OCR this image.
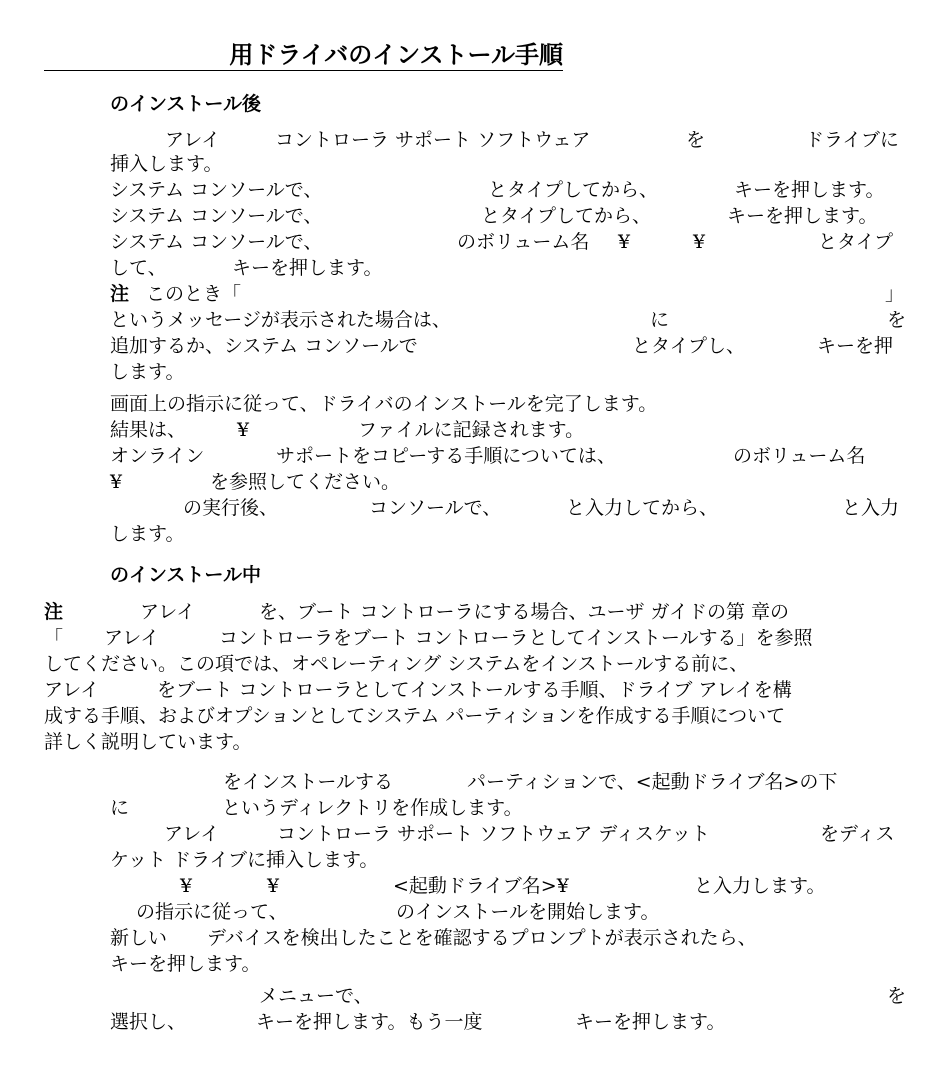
用ドライバのインストール手順
のインストール後
アレイ	コントローラ サポート ソフトウェア	を	ドライブに
挿入します。
システム コンソールで、	とタイプしてから、	キーを押します。
システム コンソールで、	とタイプしてから、	キーを押します。
システム コンソールで、	のボリューム名 ¥	¥	とタイプ
して、	キーを押します。
注 このとき「	」
というメッセージが表示された場合は、	に	を
追加するか、システム コンソールで	とタイプし、	キーを押
します。
画面上の指示に従って、ドライバのインストールを完了します。
結果は、	¥	ファイルに記録されます。
オンライン	サポートをコピーする手順については、	のボリューム名
¥	を参照してください。
の実行後、	コンソールで、	と入力してから、	と入力
します。
のインストール中
注	アレイ	を、ブート コントローラにする場合、ユーザ ガイドの第 章の
「 アレイ	コントローラをブート コントローラとしてインストールする」を参照
してください。この項では、オペレーティング システムをインストールする前に、
アレイ	をブート コントローラとしてインストールする手順、ドライブ アレイを構
成する手順、およびオプションとしてシステム パーティションを作成する手順について
詳しく説明しています。
をインストールする	パーティションで、<起動ドライブ名>の下
に	というディレクトリを作成します。
アレイ	コントローラ サポート ソフトウェア ディスケット	をディス
ケット ドライブに挿入します。
¥	¥	<起動ドライブ名>¥	と入力します。
の指示に従って、	のインストールを開始します。
新しい デバイスを検出したことを確認するプロンプトが表示されたら、
キーを押します。
メニューで、	を
選択し、	キーを押します。もう一度	キーを押します。
